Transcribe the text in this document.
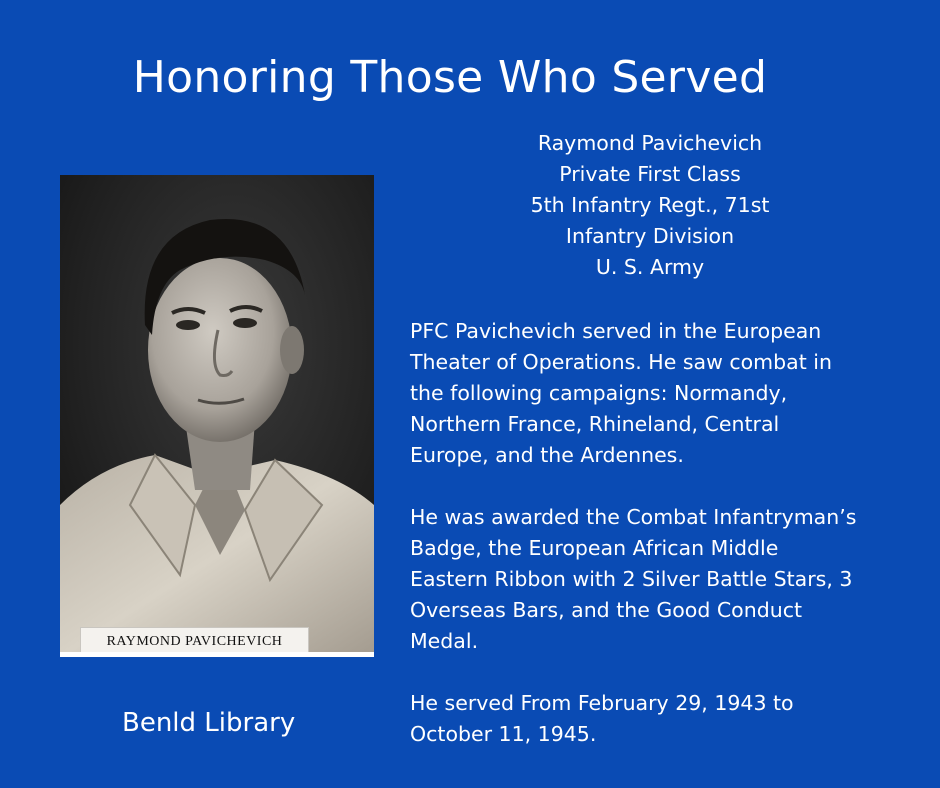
Honoring Those Who Served
RAYMOND PAVICHEVICH
Raymond Pavichevich
Private First Class
5th Infantry Regt., 71st
Infantry Division
U. S. Army

PFC Pavichevich served in the European
Theater of Operations. He saw combat in
the following campaigns: Normandy,
Northern France, Rhineland, Central
Europe, and the Ardennes.

He was awarded the Combat Infantryman’s
Badge, the European African Middle
Eastern Ribbon with 2 Silver Battle Stars, 3
Overseas Bars, and the Good Conduct
Medal.

He served From February 29, 1943 to
October 11, 1945.

Benld Library
